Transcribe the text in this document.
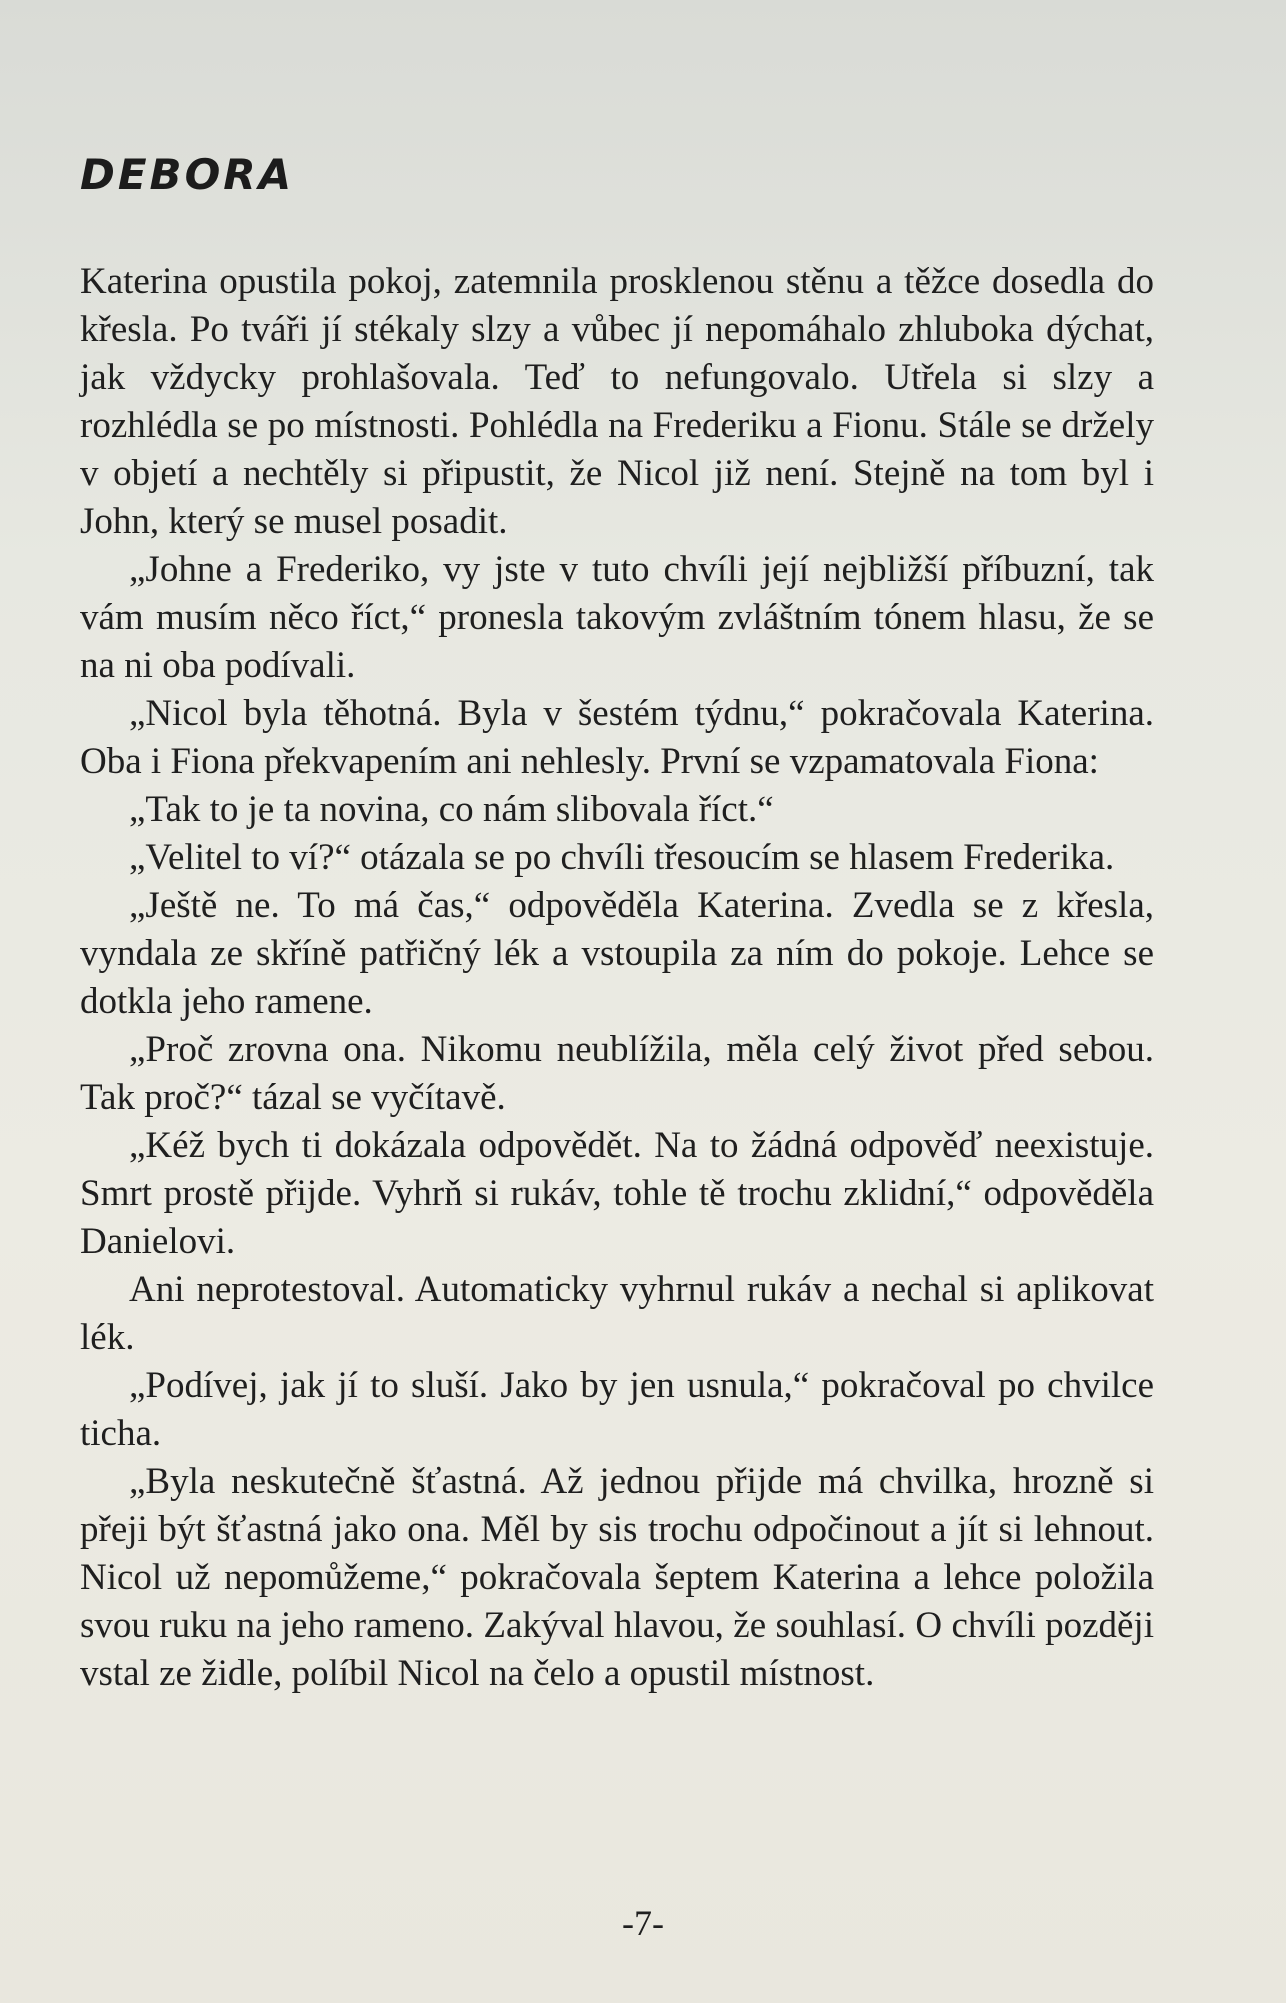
DEBORA

Katerina opustila pokoj, zatemnila prosklenou stěnu a těžce dosedla do křesla. Po tváři jí stékaly slzy a vůbec jí nepomáhalo zhluboka dýchat, jak vždycky prohlašovala. Teď to nefungovalo. Utřela si slzy a rozhlédla se po místnosti. Pohlédla na Frederiku a Fionu. Stále se držely v objetí a nechtěly si připustit, že Nicol již není. Stejně na tom byl i John, který se musel posadit.

„Johne a Frederiko, vy jste v tuto chvíli její nejbližší příbuzní, tak vám musím něco říct,“ pronesla takovým zvláštním tónem hlasu, že se na ni oba podívali.

„Nicol byla těhotná. Byla v šestém týdnu,“ pokračovala Katerina. Oba i Fiona překvapením ani nehlesly. První se vzpamatovala Fiona:

„Tak to je ta novina, co nám slibovala říct.“

„Velitel to ví?“ otázala se po chvíli třesoucím se hlasem Frederika.

„Ještě ne. To má čas,“ odpověděla Katerina. Zvedla se z křesla, vyndala ze skříně patřičný lék a vstoupila za ním do pokoje. Lehce se dotkla jeho ramene.

„Proč zrovna ona. Nikomu neublížila, měla celý život před sebou. Tak proč?“ tázal se vyčítavě.

„Kéž bych ti dokázala odpovědět. Na to žádná odpověď neexistuje. Smrt prostě přijde. Vyhrň si rukáv, tohle tě trochu zklidní,“ odpověděla Danielovi.

Ani neprotestoval. Automaticky vyhrnul rukáv a nechal si aplikovat lék.

„Podívej, jak jí to sluší. Jako by jen usnula,“ pokračoval po chvilce ticha.

„Byla neskutečně šťastná. Až jednou přijde má chvilka, hrozně si přeji být šťastná jako ona. Měl by sis trochu odpočinout a jít si lehnout. Nicol už nepomůžeme,“ pokračovala šeptem Katerina a lehce položila svou ruku na jeho rameno. Zakýval hlavou, že souhlasí. O chvíli později vstal ze židle, políbil Nicol na čelo a opustil místnost.

-7-
